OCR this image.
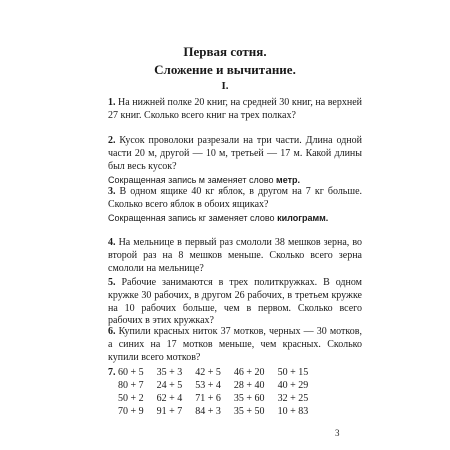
Первая сотня.
Сложение и вычитание.
I.

1. На нижней полке 20 книг, на средней 30 книг, на верхней 27 книг. Сколько всего книг на трех полках?

2. Кусок проволоки разрезали на три части. Длина одной части 20 м, другой — 10 м, третьей — 17 м. Какой длины был весь кусок?

Сокращенная запись м заменяет слово метр.

3. В одном ящике 40 кг яблок, в другом на 7 кг больше. Сколько всего яблок в обоих ящиках?

Сокращенная запись кг заменяет слово килограмм.

4. На мельнице в первый раз смололи 38 мешков зерна, во второй раз на 8 мешков меньше. Сколько всего зерна смололи на мельнице?

5. Рабочие занимаются в трех политкружках. В одном кружке 30 рабочих, в другом 26 рабочих, в третьем кружке на 10 рабочих больше, чем в первом. Сколько всего рабочих в этих кружках?

6. Купили красных ниток 37 мотков, черных — 30 мотков, а синих на 17 мотков меньше, чем красных. Сколько купили всего мотков?

7. 60 + 5	35 + 3	42 + 5	46 + 20	50 + 15
80 + 7	24 + 5	53 + 4	28 + 40	40 + 29
50 + 2	62 + 4	71 + 6	35 + 60	32 + 25
70 + 9	91 + 7	84 + 3	35 + 50	10 + 83
3
